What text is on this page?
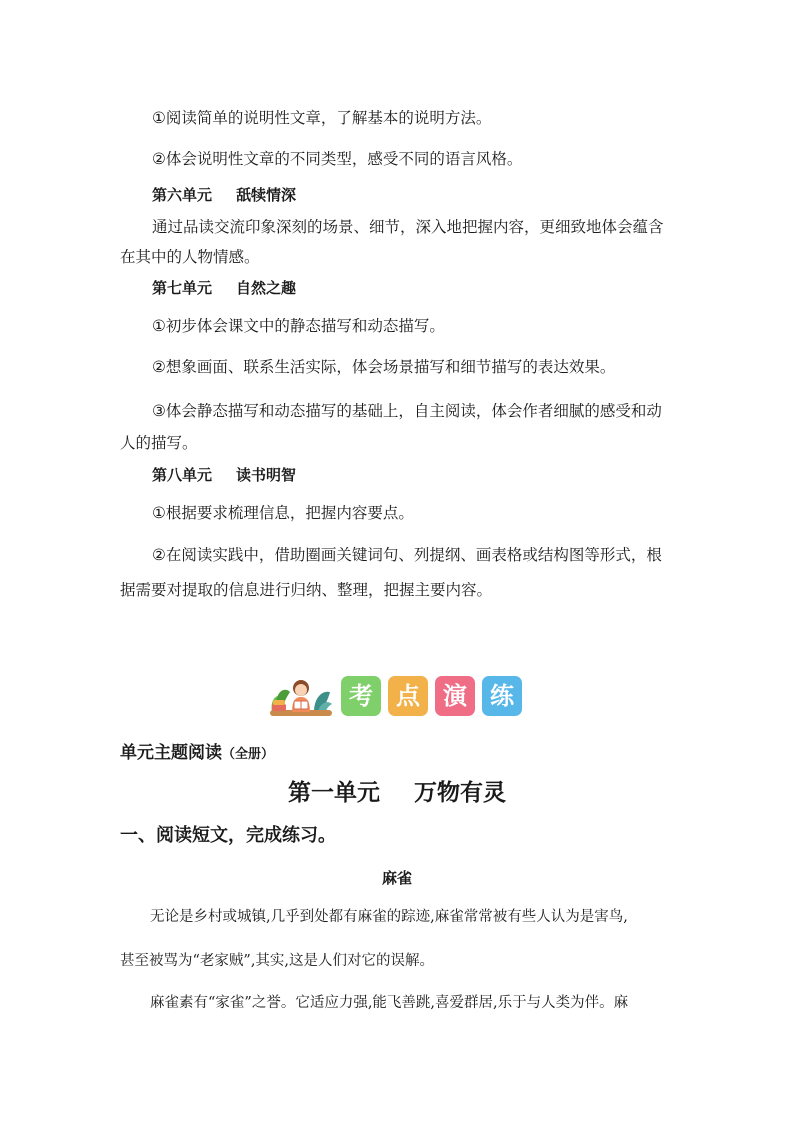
①阅读简单的说明性文章，了解基本的说明方法。
②体会说明性文章的不同类型，感受不同的语言风格。
第六单元 舐犊情深
通过品读交流印象深刻的场景、细节，深入地把握内容，更细致地体会蕴含
在其中的人物情感。
第七单元 自然之趣
①初步体会课文中的静态描写和动态描写。
②想象画面、联系生活实际，体会场景描写和细节描写的表达效果。
③体会静态描写和动态描写的基础上，自主阅读，体会作者细腻的感受和动
人的描写。
第八单元 读书明智
①根据要求梳理信息，把握内容要点。
②在阅读实践中，借助圈画关键词句、列提纲、画表格或结构图等形式，根
据需要对提取的信息进行归纳、整理，把握主要内容。
考 点 演 练
单元主题阅读（全册）
第一单元 万物有灵
一、阅读短文，完成练习。
麻雀
无论是乡村或城镇,几乎到处都有麻雀的踪迹,麻雀常常被有些人认为是害鸟,
甚至被骂为“老家贼”,其实,这是人们对它的误解。
麻雀素有“家雀”之誉。它适应力强,能飞善跳,喜爱群居,乐于与人类为伴。麻
